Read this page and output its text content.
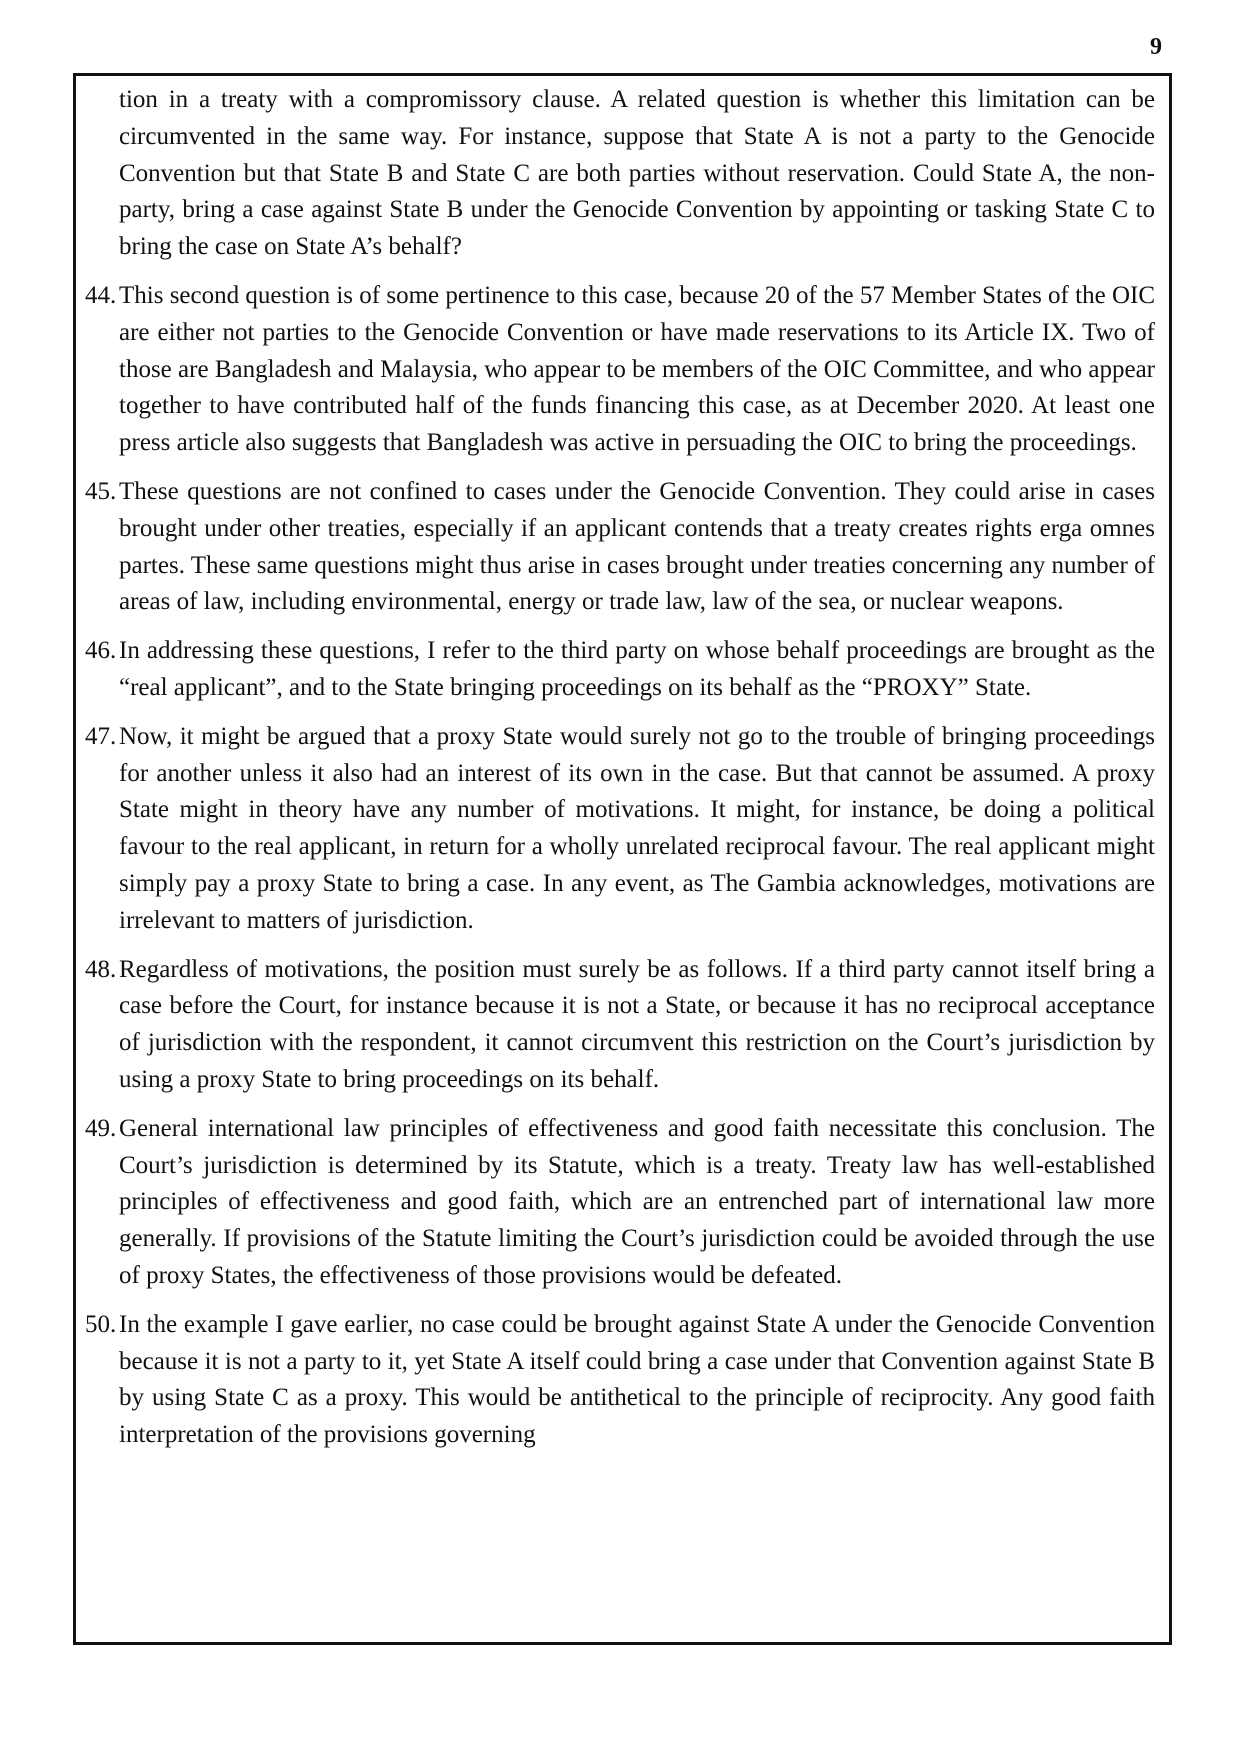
9

tion in a treaty with a compromissory clause. A related question is whether this limitation can be circumvented in the same way. For instance, suppose that State A is not a party to the Genocide Convention but that State B and State C are both parties without reservation. Could State A, the non-party, bring a case against State B under the Genocide Convention by appointing or tasking State C to bring the case on State A’s behalf?

44. This second question is of some pertinence to this case, because 20 of the 57 Member States of the OIC are either not parties to the Genocide Convention or have made reservations to its Article IX. Two of those are Bangladesh and Malaysia, who appear to be members of the OIC Committee, and who appear together to have contributed half of the funds financing this case, as at December 2020. At least one press article also suggests that Bangladesh was active in persuading the OIC to bring the proceedings.
45. These questions are not confined to cases under the Genocide Convention. They could arise in cases brought under other treaties, especially if an applicant contends that a treaty creates rights erga omnes partes. These same questions might thus arise in cases brought under treaties concerning any number of areas of law, including environmental, energy or trade law, law of the sea, or nuclear weapons.
46. In addressing these questions, I refer to the third party on whose behalf proceedings are brought as the “real applicant”, and to the State bringing proceedings on its behalf as the “PROXY” State.
47. Now, it might be argued that a proxy State would surely not go to the trouble of bringing proceedings for another unless it also had an interest of its own in the case. But that cannot be assumed. A proxy State might in theory have any number of motivations. It might, for instance, be doing a political favour to the real applicant, in return for a wholly unrelated reciprocal favour. The real applicant might simply pay a proxy State to bring a case. In any event, as The Gambia acknowledges, motivations are irrelevant to matters of jurisdiction.
48. Regardless of motivations, the position must surely be as follows. If a third party cannot itself bring a case before the Court, for instance because it is not a State, or because it has no reciprocal acceptance of jurisdiction with the respondent, it cannot circumvent this restriction on the Court’s jurisdiction by using a proxy State to bring proceedings on its behalf.
49. General international law principles of effectiveness and good faith necessitate this conclusion. The Court’s jurisdiction is determined by its Statute, which is a treaty. Treaty law has well-established principles of effectiveness and good faith, which are an entrenched part of international law more generally. If provisions of the Statute limiting the Court’s jurisdiction could be avoided through the use of proxy States, the effectiveness of those provisions would be defeated.
50. In the example I gave earlier, no case could be brought against State A under the Genocide Convention because it is not a party to it, yet State A itself could bring a case under that Convention against State B by using State C as a proxy. This would be antithetical to the principle of reciprocity. Any good faith interpretation of the provisions governing
